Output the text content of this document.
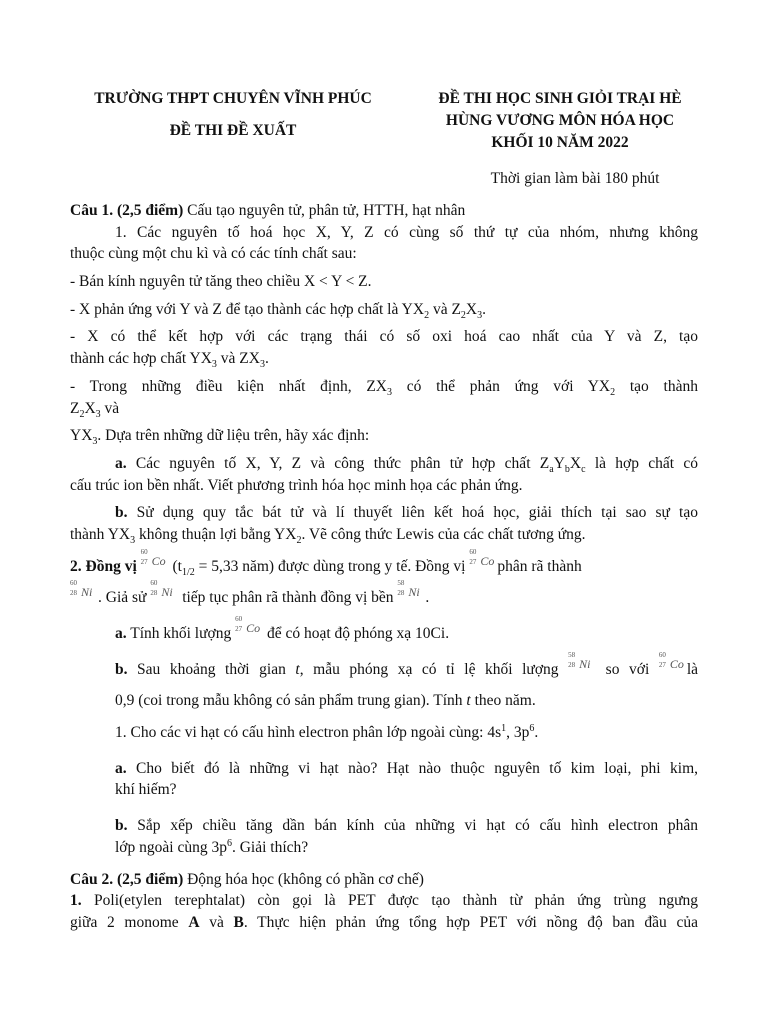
TRƯỜNG THPT CHUYÊN VĨNH PHÚC
ĐỀ THI ĐỀ XUẤT
ĐỀ THI HỌC SINH GIỎI TRẠI HÈ
HÙNG VƯƠNG MÔN HÓA HỌC
KHỐI 10 NĂM 2022
Thời gian làm bài 180 phút

Câu 1. (2,5 điểm) Cấu tạo nguyên tử, phân tử, HTTH, hạt nhân

1. Các nguyên tố hoá học X, Y, Z có cùng số thứ tự của nhóm, nhưng không

thuộc cùng một chu kì và có các tính chất sau:

- Bán kính nguyên tử tăng theo chiều X < Y < Z.

- X phản ứng với Y và Z để tạo thành các hợp chất là $YX_2$ và $Z_2X_3$.

- X có thể kết hợp với các trạng thái có số oxi hoá cao nhất của Y và Z, tạo

thành các hợp chất $YX_3$ và $ZX_3$.

- Trong những điều kiện nhất định, $ZX_3$ có thể phản ứng với $YX_2$ tạo thành

$Z_2X_3$ và

$YX_3$. Dựa trên những dữ liệu trên, hãy xác định:

a. Các nguyên tố X, Y, Z và công thức phân tử hợp chất $Z_aY_bX_c$ là hợp chất có

cấu trúc ion bền nhất. Viết phương trình hóa học minh họa các phản ứng.

b. Sử dụng quy tắc bát tử và lí thuyết liên kết hoá học, giải thích tại sao sự tạo

thành $YX_3$ không thuận lợi bằng $YX_2$. Vẽ công thức Lewis của các chất tương ứng.

2. Đồng vị
60
27 Co ($t_{1/2} = 5,33$ năm) được dùng trong y tế. Đồng vị
60
27 Co phân rã thành

60
28 Ni . Giả sử
60
28 Ni tiếp tục phân rã thành đồng vị bền
58
28 Ni .

a. Tính khối lượng
60
27 Co để có hoạt độ phóng xạ 10Ci.

b. Sau khoảng thời gian t, mẫu phóng xạ có tỉ lệ khối lượng
58
28 Ni so với
60
27 Co là

0,9 (coi trong mẫu không có sản phẩm trung gian). Tính t theo năm.

1. Cho các vi hạt có cấu hình electron phân lớp ngoài cùng: $4s^1$, $3p^6$.

a. Cho biết đó là những vi hạt nào? Hạt nào thuộc nguyên tố kim loại, phi kim,

khí hiếm?

b. Sắp xếp chiều tăng dần bán kính của những vi hạt có cấu hình electron phân

lớp ngoài cùng $3p^6$. Giải thích?

Câu 2. (2,5 điểm) Động hóa học (không có phần cơ chế)

1. Poli(etylen terephtalat) còn gọi là PET được tạo thành từ phản ứng trùng ngưng

giữa 2 monome A và B. Thực hiện phản ứng tổng hợp PET với nồng độ ban đầu của
